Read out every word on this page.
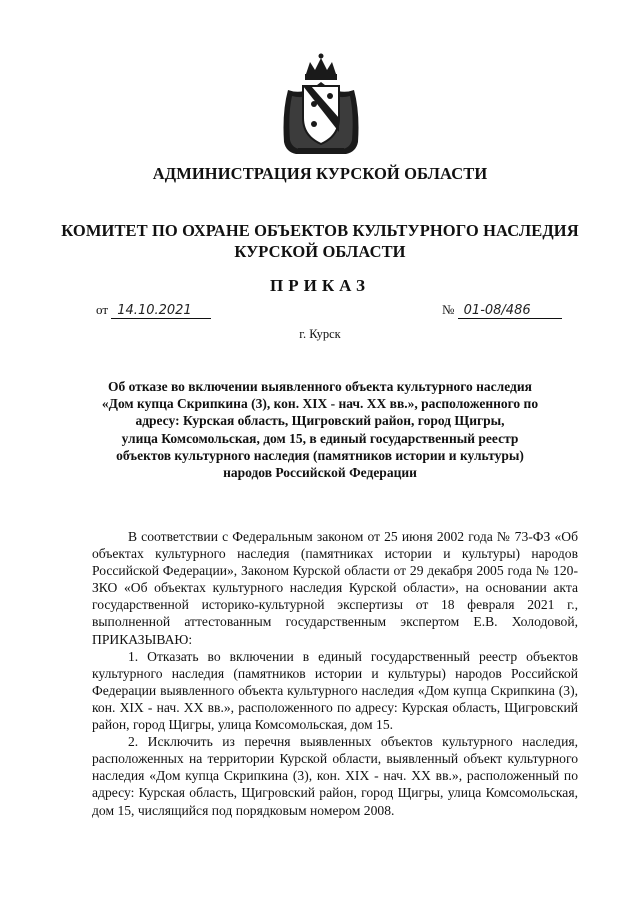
АДМИНИСТРАЦИЯ КУРСКОЙ ОБЛАСТИ
КОМИТЕТ ПО ОХРАНЕ ОБЪЕКТОВ КУЛЬТУРНОГО НАСЛЕДИЯ
КУРСКОЙ ОБЛАСТИ
ПРИКАЗ
от 14.10.2021	№ 01-08/486
г. Курск
Об отказе во включении выявленного объекта культурного наследия
«Дом купца Скрипкина (3), кон. XIX - нач. XX вв.», расположенного по
адресу: Курская область, Щигровский район, город Щигры,
улица Комсомольская, дом 15, в единый государственный реестр
объектов культурного наследия (памятников истории и культуры)
народов Российской Федерации

В соответствии с Федеральным законом от 25 июня 2002 года № 73-ФЗ «Об объектах культурного наследия (памятниках истории и культуры) народов Российской Федерации», Законом Курской области от 29 декабря 2005 года № 120-ЗКО «Об объектах культурного наследия Курской области», на основании акта государственной историко-культурной экспертизы от 18 февраля 2021 г., выполненной аттестованным государственным экспертом Е.В. Холодовой, ПРИКАЗЫВАЮ:

1. Отказать во включении в единый государственный реестр объектов культурного наследия (памятников истории и культуры) народов Российской Федерации выявленного объекта культурного наследия «Дом купца Скрипкина (3), кон. XIX - нач. XX вв.», расположенного по адресу: Курская область, Щигровский район, город Щигры, улица Комсомольская, дом 15.

2. Исключить из перечня выявленных объектов культурного наследия, расположенных на территории Курской области, выявленный объект культурного наследия «Дом купца Скрипкина (3), кон. XIX - нач. XX вв.», расположенный по адресу: Курская область, Щигровский район, город Щигры, улица Комсомольская, дом 15, числящийся под порядковым номером 2008.
